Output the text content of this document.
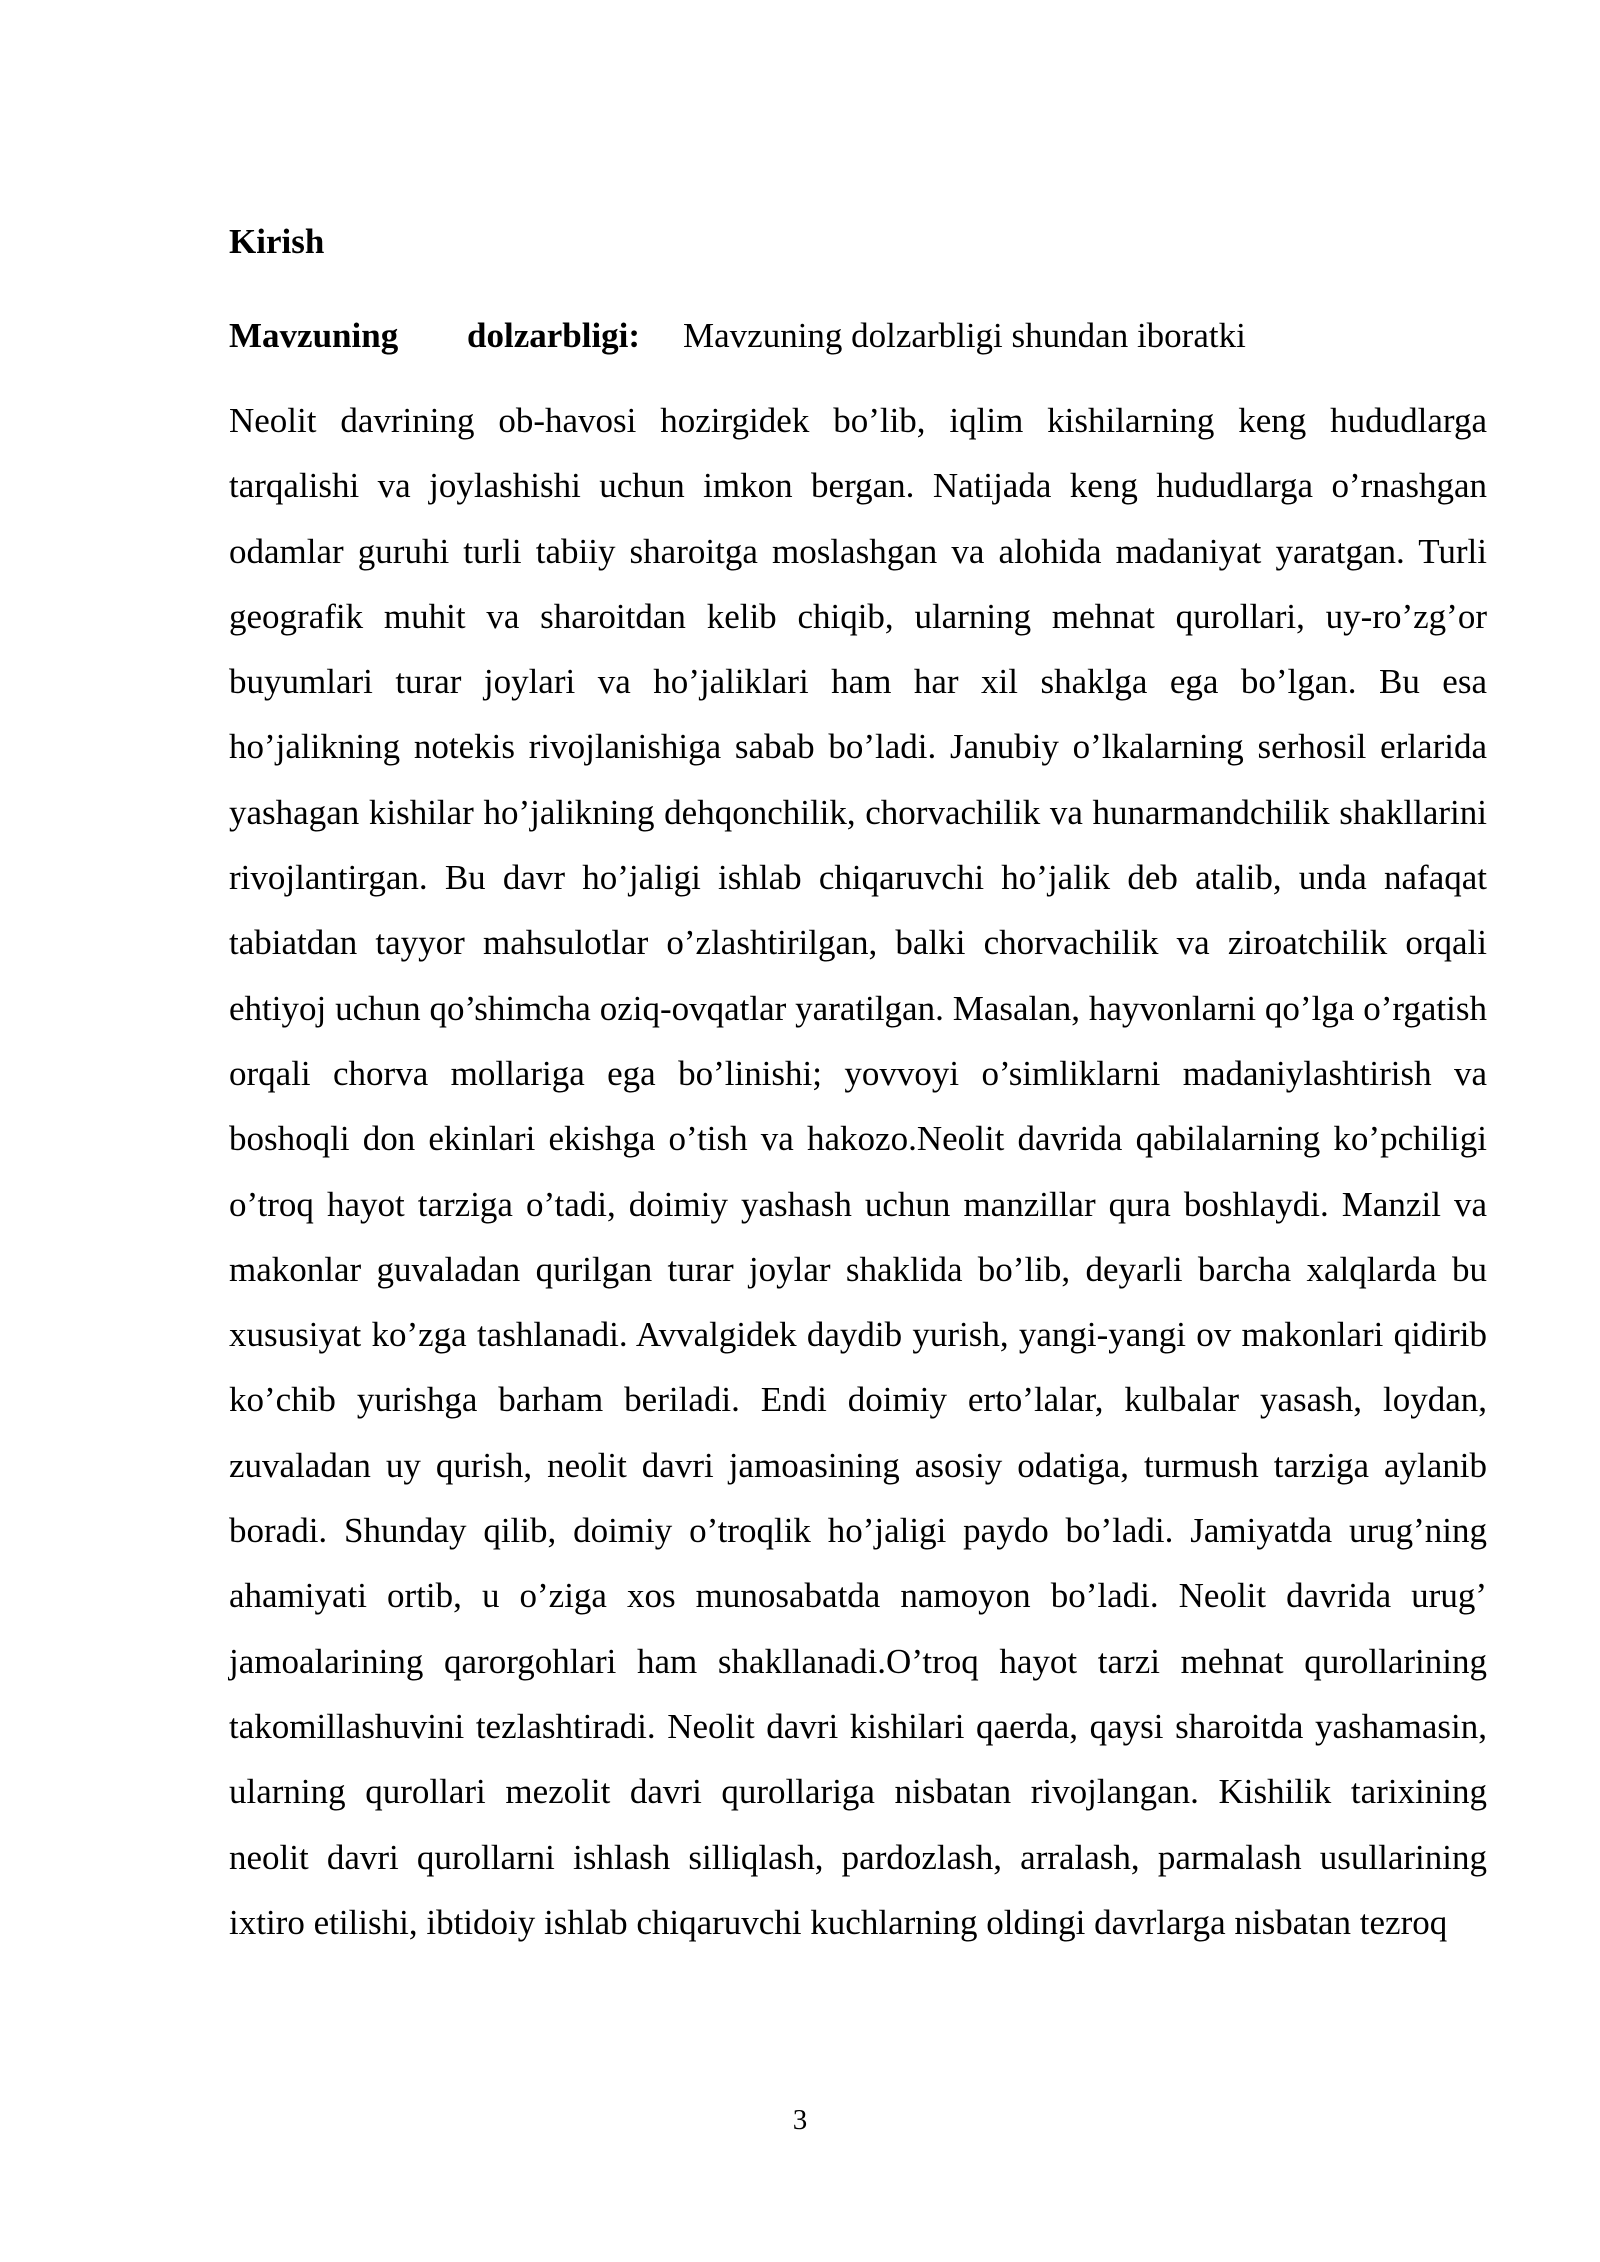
Kirish

Mavzuning dolzarbligi: Mavzuning dolzarbligi shundan iboratki

Neolit davrining ob-havosi hozirgidek bo’lib, iqlim kishilarning keng hududlarga tarqalishi va joylashishi uchun imkon bergan. Natijada keng hududlarga o’rnashgan odamlar guruhi turli tabiiy sharoitga moslashgan va alohida madaniyat yaratgan. Turli geografik muhit va sharoitdan kelib chiqib, ularning mehnat qurollari, uy-ro’zg’or buyumlari turar joylari va ho’jaliklari ham har xil shaklga ega bo’lgan. Bu esa ho’jalikning notekis rivojlanishiga sabab bo’ladi. Janubiy o’lkalarning serhosil erlarida yashagan kishilar ho’jalikning dehqonchilik, chorvachilik va hunarmandchilik shakllarini rivojlantirgan. Bu davr ho’jaligi ishlab chiqaruvchi ho’jalik deb atalib, unda nafaqat tabiatdan tayyor mahsulotlar o’zlashtirilgan, balki chorvachilik va ziroatchilik orqali ehtiyoj uchun qo’shimcha oziq-ovqatlar yaratilgan. Masalan, hayvonlarni qo’lga o’rgatish orqali chorva mollariga ega bo’linishi; yovvoyi o’simliklarni madaniylashtirish va boshoqli don ekinlari ekishga o’tish va hakozo.Neolit davrida qabilalarning ko’pchiligi o’troq hayot tarziga o’tadi, doimiy yashash uchun manzillar qura boshlaydi. Manzil va makonlar guvaladan qurilgan turar joylar shaklida bo’lib, deyarli barcha xalqlarda bu xususiyat ko’zga tashlanadi. Avvalgidek daydib yurish, yangi-yangi ov makonlari qidirib ko’chib yurishga barham beriladi. Endi doimiy erto’lalar, kulbalar yasash, loydan, zuvaladan uy qurish, neolit davri jamoasining asosiy odatiga, turmush tarziga aylanib boradi. Shunday qilib, doimiy o’troqlik ho’jaligi paydo bo’ladi. Jamiyatda urug’ning ahamiyati ortib, u o’ziga xos munosabatda namoyon bo’ladi. Neolit davrida urug’ jamoalarining qarorgohlari ham shakllanadi.O’troq hayot tarzi mehnat qurollarining takomillashuvini tezlashtiradi. Neolit davri kishilari qaerda, qaysi sharoitda yashamasin, ularning qurollari mezolit davri qurollariga nisbatan rivojlangan. Kishilik tarixining neolit davri qurollarni ishlash silliqlash, pardozlash, arralash, parmalash usullarining ixtiro etilishi, ibtidoiy ishlab chiqaruvchi kuchlarning oldingi davrlarga nisbatan tezroq

3
